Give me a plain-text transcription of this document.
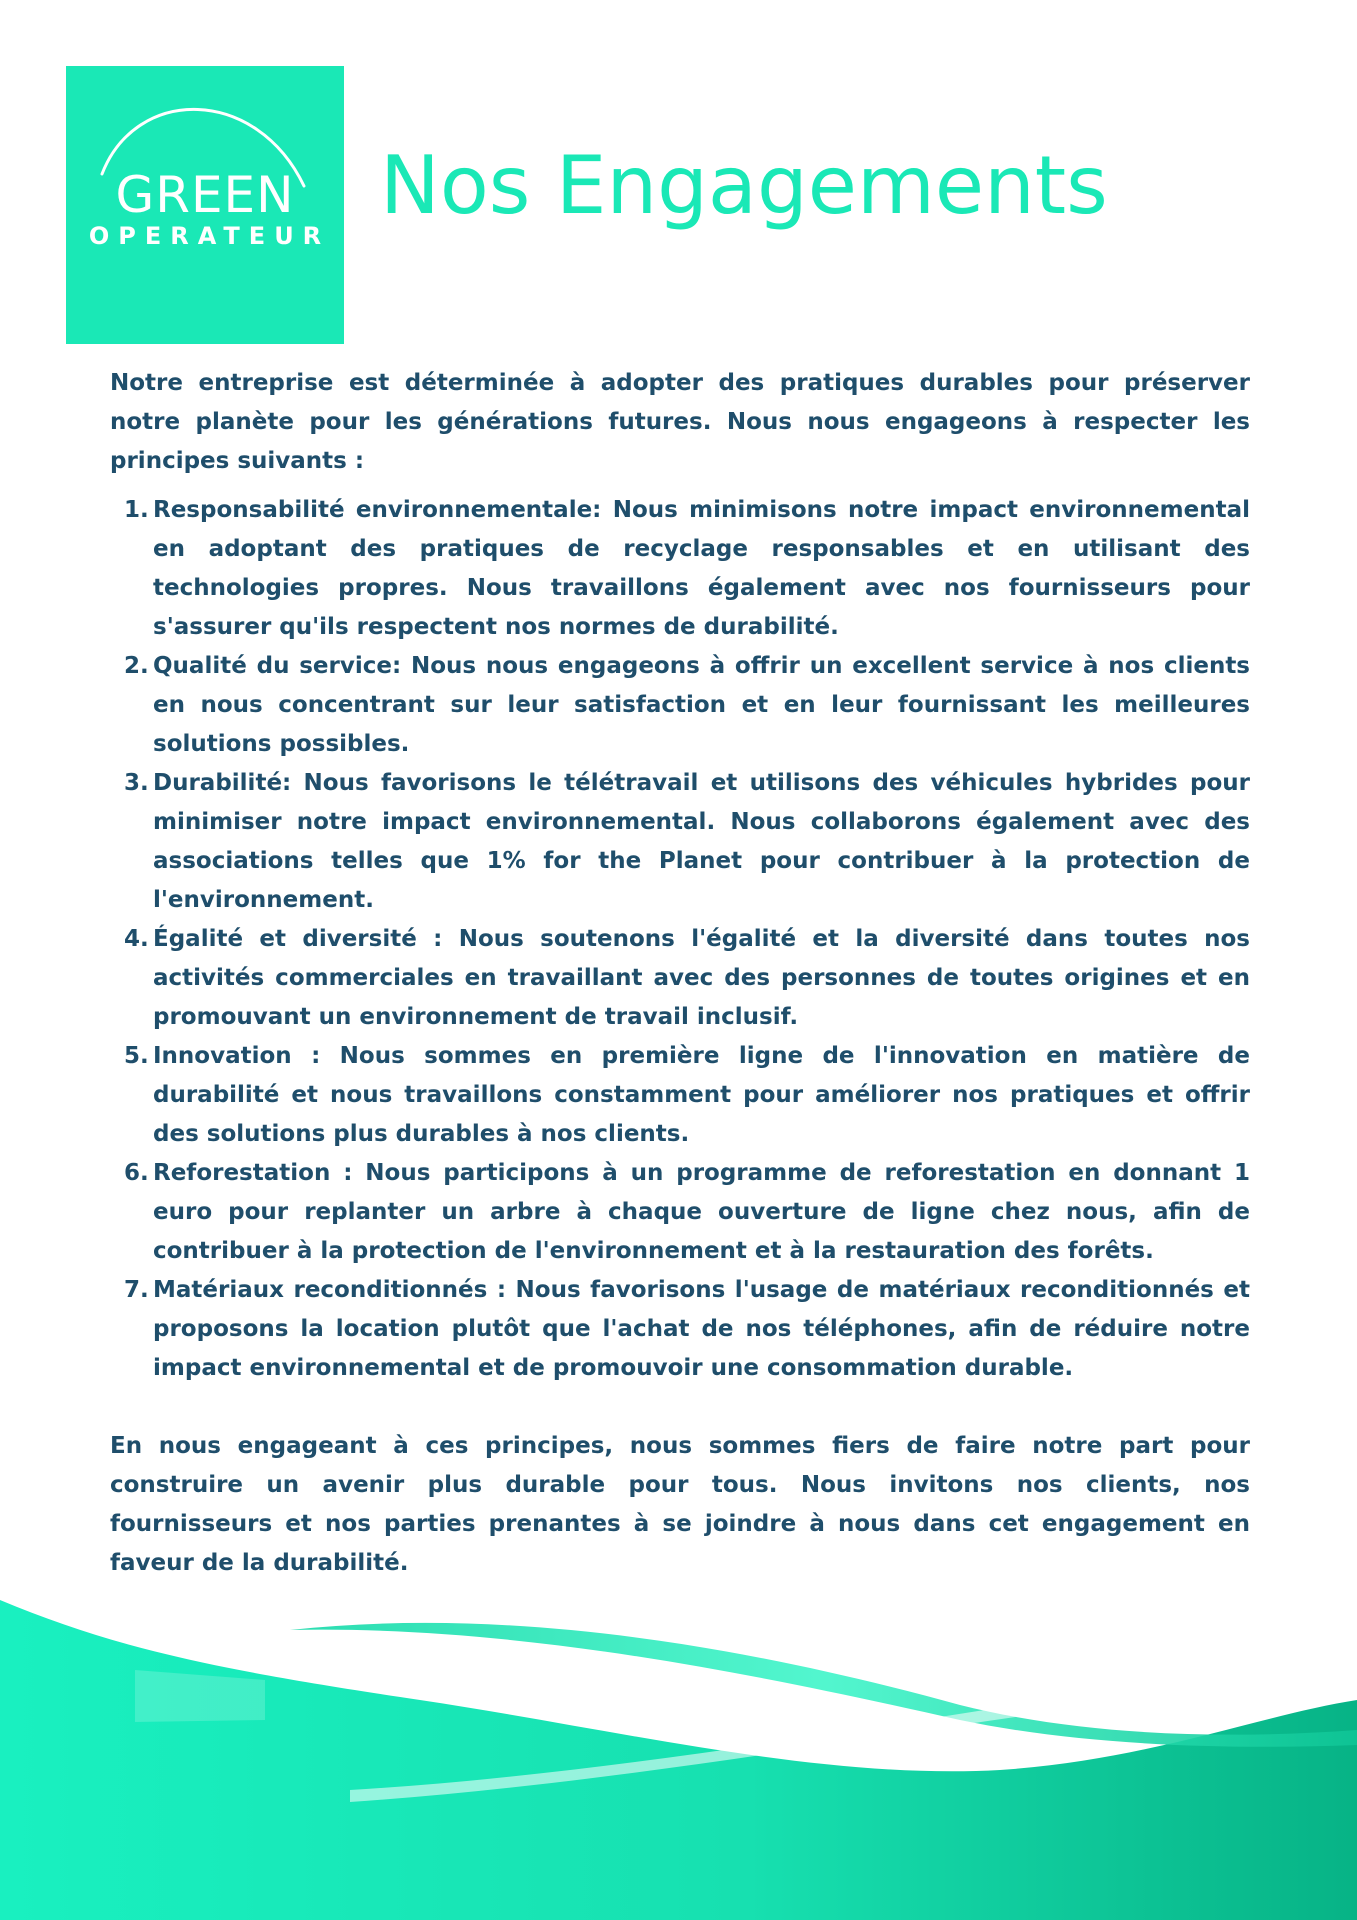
GREEN
OPERATEUR
Nos Engagements

Notre entreprise est déterminée à adopter des pratiques durables pour préserver notre planète pour les générations futures. Nous nous engageons à respecter les principes suivants :

1. Responsabilité environnementale: Nous minimisons notre impact environnemental en adoptant des pratiques de recyclage responsables et en utilisant des technologies propres. Nous travaillons également avec nos fournisseurs pour s'assurer qu'ils respectent nos normes de durabilité.
2. Qualité du service: Nous nous engageons à offrir un excellent service à nos clients en nous concentrant sur leur satisfaction et en leur fournissant les meilleures solutions possibles.
3. Durabilité: Nous favorisons le télétravail et utilisons des véhicules hybrides pour minimiser notre impact environnemental. Nous collaborons également avec des associations telles que 1% for the Planet pour contribuer à la protection de l'environnement.
4. Égalité et diversité : Nous soutenons l'égalité et la diversité dans toutes nos activités commerciales en travaillant avec des personnes de toutes origines et en promouvant un environnement de travail inclusif.
5. Innovation : Nous sommes en première ligne de l'innovation en matière de durabilité et nous travaillons constamment pour améliorer nos pratiques et offrir des solutions plus durables à nos clients.
6. Reforestation : Nous participons à un programme de reforestation en donnant 1 euro pour replanter un arbre à chaque ouverture de ligne chez nous, afin de contribuer à la protection de l'environnement et à la restauration des forêts.
7. Matériaux reconditionnés : Nous favorisons l'usage de matériaux reconditionnés et proposons la location plutôt que l'achat de nos téléphones, afin de réduire notre impact environnemental et de promouvoir une consommation durable.

En nous engageant à ces principes, nous sommes fiers de faire notre part pour construire un avenir plus durable pour tous. Nous invitons nos clients, nos fournisseurs et nos parties prenantes à se joindre à nous dans cet engagement en faveur de la durabilité.
